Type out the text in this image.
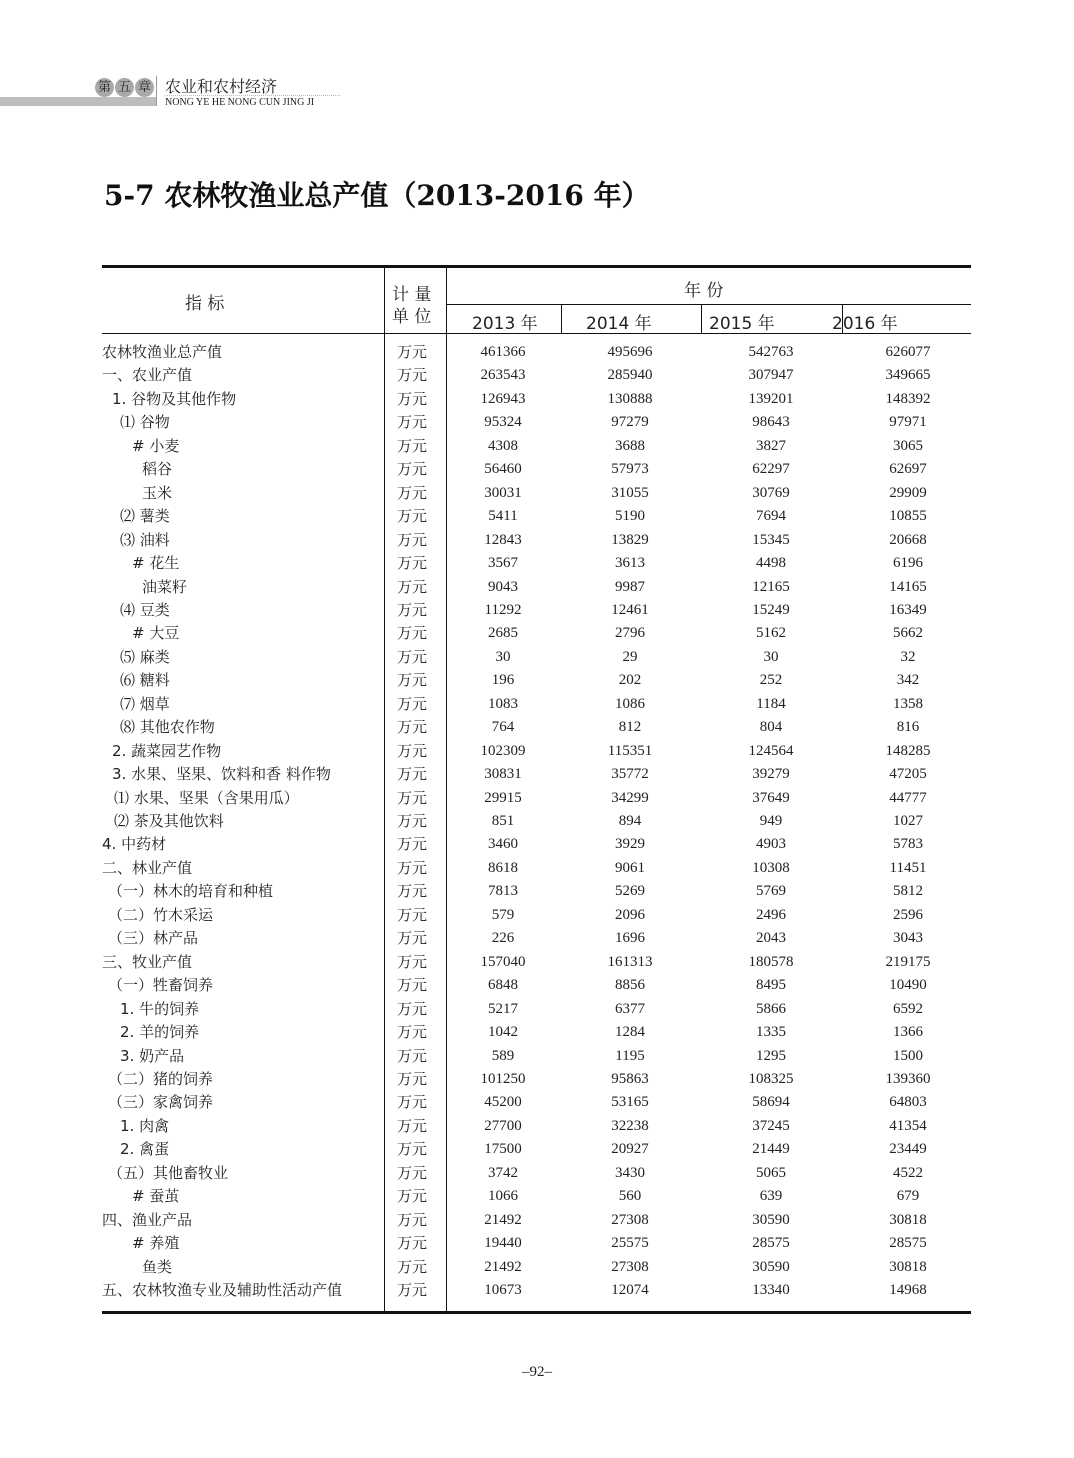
第 五 章 农业和农村经济
NONG YE HE NONG CUN JING JI
5-7 农林牧渔业总产值（2013-2016 年）
指 标	计 量
单 位
年 份
2013 年	2014 年	2015 年	2016 年
农林牧渔业总产值	万元	461366	495696	542763	626077
一、农业产值	万元	263543	285940	307947	349665
1. 谷物及其他作物	万元	126943	130888	139201	148392
⑴ 谷物	万元	95324	97279	98643	97971
# 小麦	万元	4308	3688	3827	3065
稻谷	万元	56460	57973	62297	62697
玉米	万元	30031	31055	30769	29909
⑵ 薯类	万元	5411	5190	7694	10855
⑶ 油料	万元	12843	13829	15345	20668
# 花生	万元	3567	3613	4498	6196
油菜籽	万元	9043	9987	12165	14165
⑷ 豆类	万元	11292	12461	15249	16349
# 大豆	万元	2685	2796	5162	5662
⑸ 麻类	万元	30	29	30	32
⑹ 糖料	万元	196	202	252	342
⑺ 烟草	万元	1083	1086	1184	1358
⑻ 其他农作物	万元	764	812	804	816
2. 蔬菜园艺作物	万元	102309	115351	124564	148285
3. 水果、坚果、饮料和香 料作物	万元	30831	35772	39279	47205
⑴ 水果、坚果（含果用瓜）	万元	29915	34299	37649	44777
⑵ 茶及其他饮料	万元	851	894	949	1027
4. 中药材	万元	3460	3929	4903	5783
二、林业产值	万元	8618	9061	10308	11451
（一）林木的培育和种植	万元	7813	5269	5769	5812
（二）竹木采运	万元	579	2096	2496	2596
（三）林产品	万元	226	1696	2043	3043
三、牧业产值	万元	157040	161313	180578	219175
（一）牲畜饲养	万元	6848	8856	8495	10490
1. 牛的饲养	万元	5217	6377	5866	6592
2. 羊的饲养	万元	1042	1284	1335	1366
3. 奶产品	万元	589	1195	1295	1500
（二）猪的饲养	万元	101250	95863	108325	139360
（三）家禽饲养	万元	45200	53165	58694	64803
1. 肉禽	万元	27700	32238	37245	41354
2. 禽蛋	万元	17500	20927	21449	23449
（五）其他畜牧业	万元	3742	3430	5065	4522
# 蚕茧	万元	1066	560	639	679
四、渔业产品	万元	21492	27308	30590	30818
# 养殖	万元	19440	25575	28575	28575
鱼类	万元	21492	27308	30590	30818
五、农林牧渔专业及辅助性活动产值	万元	10673	12074	13340	14968
–92–
